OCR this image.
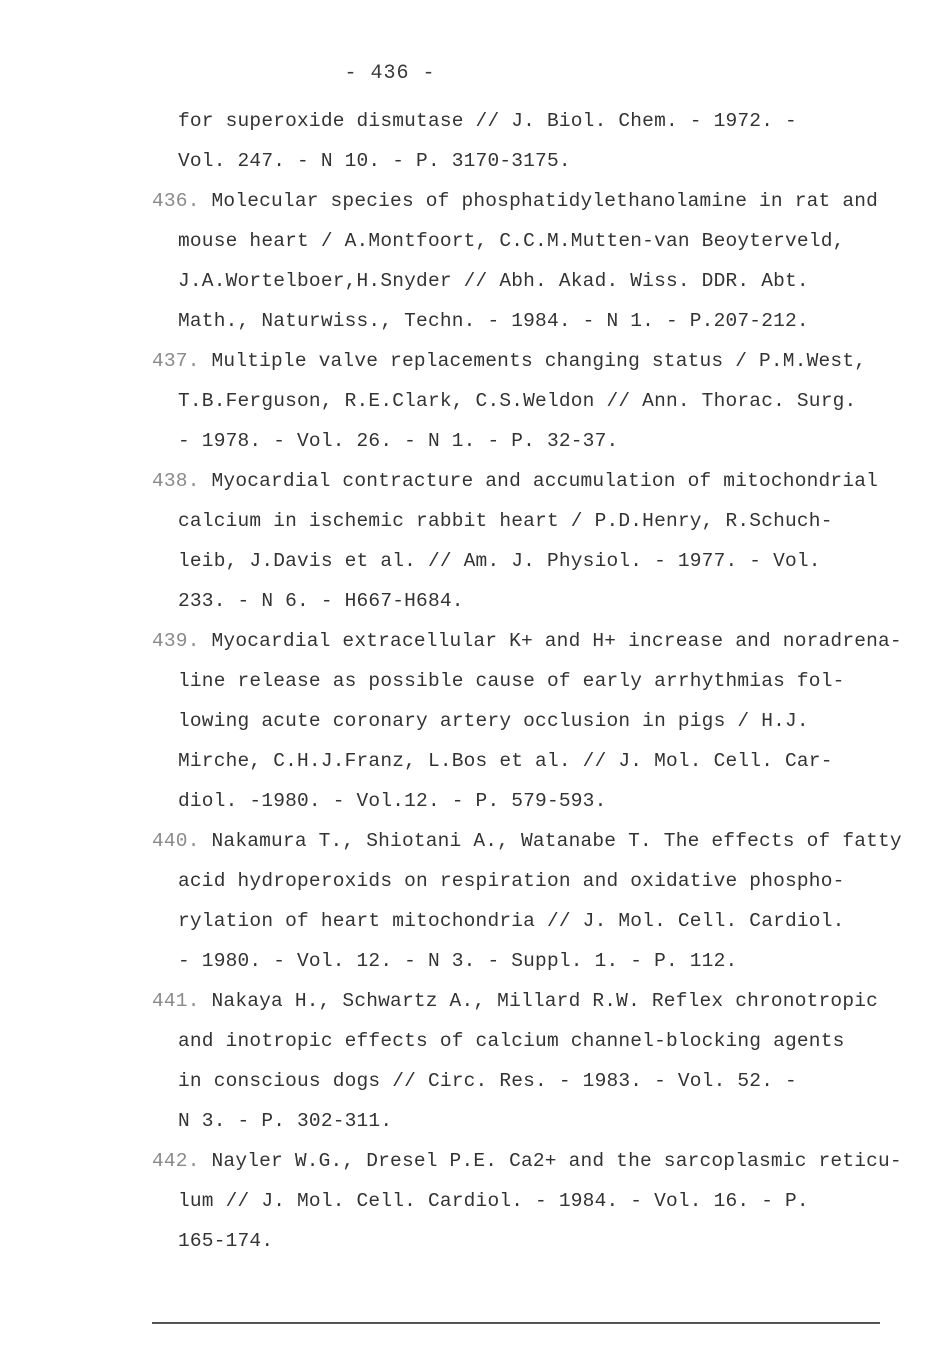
- 436 -
for superoxide dismutase // J. Biol. Chem. - 1972. -
Vol. 247. - N 10. - P. 3170-3175.
436. Molecular species of phosphatidylethanolamine in rat and
mouse heart / A.Montfoort, C.C.M.Mutten-van Beoyterveld,
J.A.Wortelboer,H.Snyder // Abh. Akad. Wiss. DDR. Abt.
Math., Naturwiss., Techn. - 1984. - N 1. - P.207-212.
437. Multiple valve replacements changing status / P.M.West,
T.B.Ferguson, R.E.Clark, C.S.Weldon // Ann. Thorac. Surg.
- 1978. - Vol. 26. - N 1. - P. 32-37.
438. Myocardial contracture and accumulation of mitochondrial
calcium in ischemic rabbit heart / P.D.Henry, R.Schuch-
leib, J.Davis et al. // Am. J. Physiol. - 1977. - Vol.
233. - N 6. - H667-H684.
439. Myocardial extracellular K+ and H+ increase and noradrena-
line release as possible cause of early arrhythmias fol-
lowing acute coronary artery occlusion in pigs / H.J.
Mirche, C.H.J.Franz, L.Bos et al. // J. Mol. Cell. Car-
diol. -1980. - Vol.12. - P. 579-593.
440. Nakamura T., Shiotani A., Watanabe T. The effects of fatty
acid hydroperoxids on respiration and oxidative phospho-
rylation of heart mitochondria // J. Mol. Cell. Cardiol.
- 1980. - Vol. 12. - N 3. - Suppl. 1. - P. 112.
441. Nakaya H., Schwartz A., Millard R.W. Reflex chronotropic
and inotropic effects of calcium channel-blocking agents
in conscious dogs // Circ. Res. - 1983. - Vol. 52. -
N 3. - P. 302-311.
442. Nayler W.G., Dresel P.E. Ca2+ and the sarcoplasmic reticu-
lum // J. Mol. Cell. Cardiol. - 1984. - Vol. 16. - P.
165-174.
